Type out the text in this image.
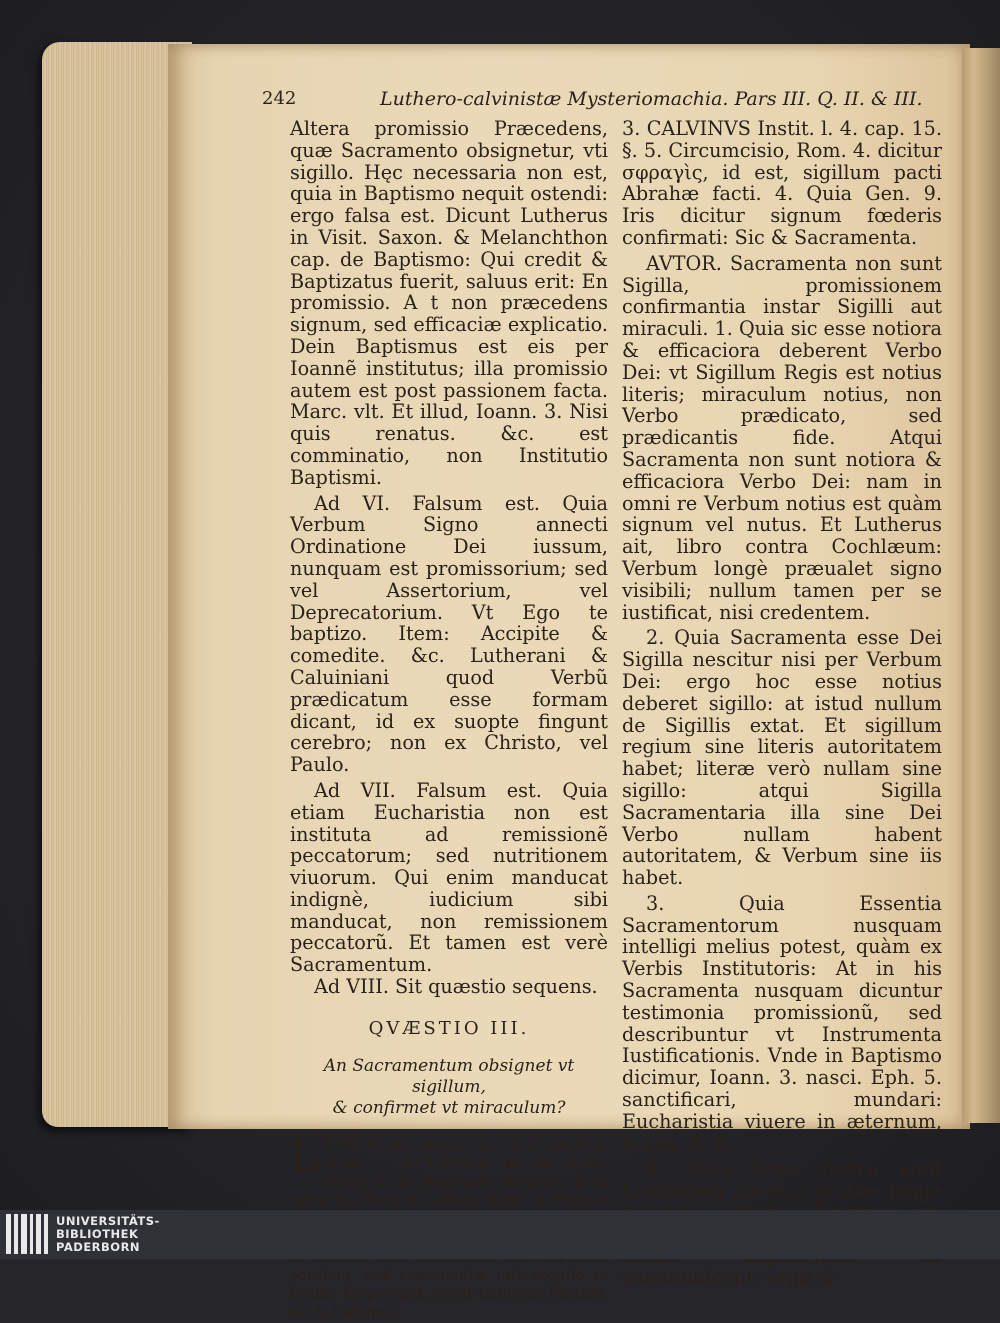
242	Luthero-calvinistæ Mysteriomachia. Pars III. Q. II. & III.

Altera promissio Præcedens, quæ Sacramento obsignetur, vti sigillo. Hęc necessaria non est, quia in Baptismo nequit ostendi: ergo falsa est. Dicunt Lutherus in Visit. Saxon. & Melanchthon cap. de Baptismo: Qui credit & Baptizatus fuerit, saluus erit: En promissio. A t non præcedens signum, sed efficaciæ explicatio. Dein Baptismus est eis per Ioannẽ institutus; illa promissio autem est post passionem facta. Marc. vlt. Et illud, Ioann. 3. Nisi quis renatus. &c. est comminatio, non Institutio Baptismi.

Ad VI. Falsum est. Quia Verbum Signo annecti Ordinatione Dei iussum, nunquam est promissorium; sed vel Assertorium, vel Deprecatorium. Vt Ego te baptizo. Item: Accipite & comedite. &c. Lutherani & Caluiniani quod Verbũ prædicatum esse formam dicant, id ex suopte fingunt cerebro; non ex Christo, vel Paulo.

Ad VII. Falsum est. Quia etiam Eucharistia non est instituta ad remissionẽ peccatorum; sed nutritionem viuorum. Qui enim manducat indignè, iudicium sibi manducat, non remissionem peccatorũ. Et tamen est verè Sacramentum.

Ad VIII. Sit quæstio sequens.

QVÆSTIO III.

An Sacramentum obsignet vt sigillum,

& confirmet vt miraculum?

LVTHERANI æquè ac CALVINIANI, aiunt: 1. LVTHERVS lib. de Capt. Babyl. c. de Baptismo. SVADET id ex miraculis Roris in vellere, Iudic. 6. Vmbræ sordium, sed conscientiæ interrogatio in Deum, ἐπερώτημα, vertit Lutherus Pactum, sic & Caluinus.

3. CALVINVS Instit. l. 4. cap. 15. §. 5. Circumcisio, Rom. 4. dicitur σφραγὶς, id est, sigillum pacti Abrahæ facti. 4. Quia Gen. 9. Iris dicitur signum fœderis confirmati: Sic & Sacramenta.

AVTOR. Sacramenta non sunt Sigilla, promissionem confirmantia instar Sigilli aut miraculi. 1. Quia sic esse notiora & efficaciora deberent Verbo Dei: vt Sigillum Regis est notius literis; miraculum notius, non Verbo prædicato, sed prædicantis fide. Atqui Sacramenta non sunt notiora & efficaciora Verbo Dei: nam in omni re Verbum notius est quàm signum vel nutus. Et Lutherus ait, libro contra Cochlæum: Verbum longè præualet signo visibili; nullum tamen per se iustificat, nisi credentem.

2. Quia Sacramenta esse Dei Sigilla nescitur nisi per Verbum Dei: ergo hoc esse notius deberet sigillo: at istud nullum de Sigillis extat. Et sigillum regium sine literis autoritatem habet; literæ verò nullam sine sigillo: atqui Sigilla Sacramentaria illa sine Dei Verbo nullam habent autoritatem, & Verbum sine iis habet.

3. Quia Essentia Sacramentorum nusquam intelligi melius potest, quàm ex Verbis Institutoris: At in his Sacramenta nusquam dicuntur testimonia promissionũ, sed describuntur vt Instrumenta Iustificationis. Vnde in Baptismo dicimur, Ioann. 3. nasci. Eph. 5. sanctificari, mundari: Eucharistia viuere in æternum, Ioann. 6. &c.

4. Quia bona opera sunt testimonia adeptæ gratiæ longè communicent: ergo si-

UNIVERSITÄTS-
BIBLIOTHEK
PADERBORN
